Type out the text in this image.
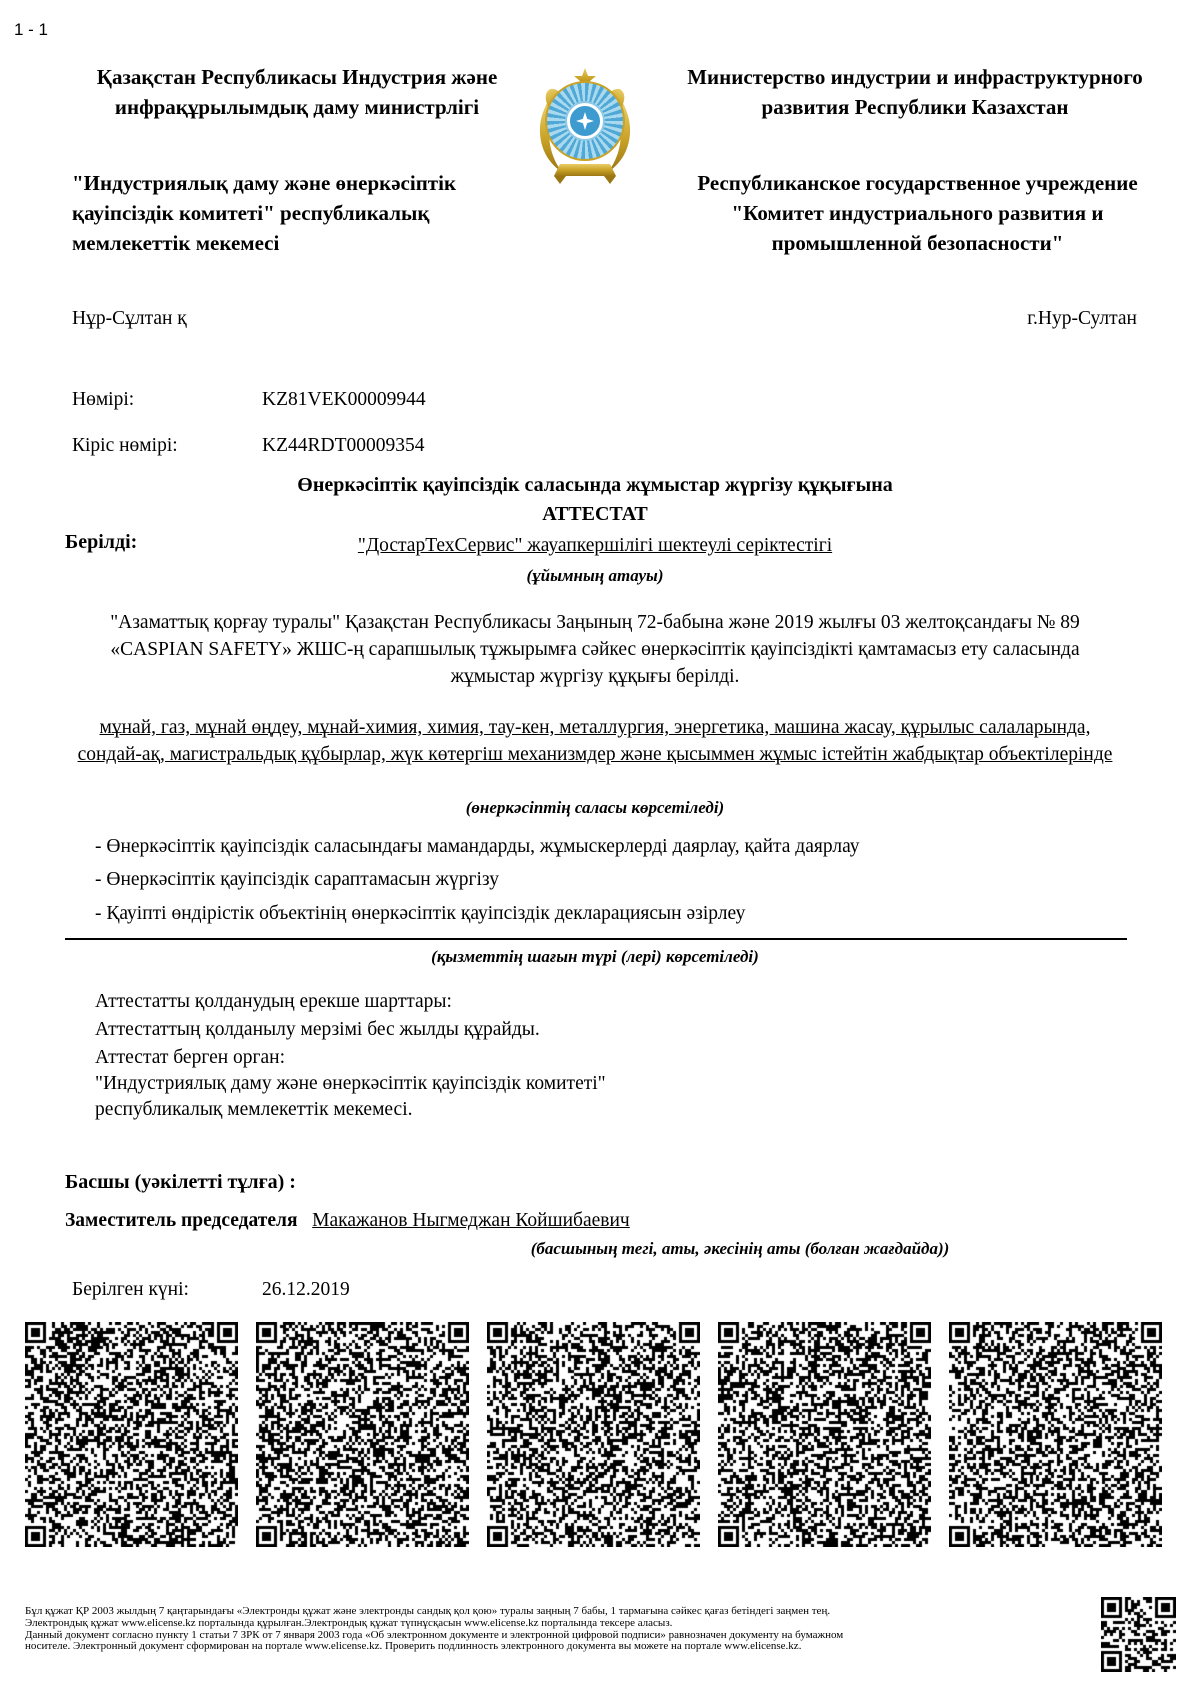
1 - 1
Қазақстан Республикасы Индустрия және инфрақұрылымдық даму министрлігі
Министерство индустрии и инфраструктурного развития Республики Казахстан
"Индустриялық даму және өнеркәсіптік қауіпсіздік комитеті" республикалық мемлекеттік мекемесі
Республиканское государственное учреждение "Комитет индустриального развития и промышленной безопасности"
Нұр-Сұлтан қ	г.Нур-Султан
Нөмірі:	KZ81VEK00009944
Кіріс нөмірі:	KZ44RDT00009354
Өнеркәсіптік қауіпсіздік саласында жұмыстар жүргізу құқығына
АТТЕСТАТ
Берілді:	"ДостарТехСервис" жауапкершілігі шектеулі серіктестігі
(ұйымның атауы)
"Азаматтық қорғау туралы" Қазақстан Республикасы Заңының 72-бабына және 2019 жылғы 03 желтоқсандағы № 89 «CASPIAN SAFETY» ЖШС-ң сарапшылық тұжырымға сәйкес өнеркәсіптік қауіпсіздікті қамтамасыз ету саласында жұмыстар жүргізу құқығы берілді.
мұнай, газ, мұнай өңдеу, мұнай-химия, химия, тау-кен, металлургия, энергетика, машина жасау, құрылыс салаларында, сондай-ақ, магистральдық құбырлар, жүк көтергіш механизмдер және қысыммен жұмыс істейтін жабдықтар объектілерінде
(өнеркәсіптің саласы көрсетіледі)
- Өнеркәсіптік қауіпсіздік саласындағы мамандарды, жұмыскерлерді даярлау, қайта даярлау
- Өнеркәсіптік қауіпсіздік сараптамасын жүргізу
- Қауіпті өндірістік объектінің өнеркәсіптік қауіпсіздік декларациясын әзірлеу
(қызметтің шағын түрі (лері) көрсетіледі)
Аттестатты қолданудың ерекше шарттары:
Аттестаттың қолданылу мерзімі бес жылды құрайды.
Аттестат берген орган:
"Индустриялық даму және өнеркәсіптік қауіпсіздік комитеті"
республикалық мемлекеттік мекемесі.
Басшы (уәкілетті тұлға) :
Заместитель председателя Макажанов Ныгмеджан Койшибаевич
(басшының тегі, аты, әкесінің аты (болған жағдайда))
Берілген күні:	26.12.2019
Бұл құжат ҚР 2003 жылдың 7 қаңтарындағы «Электронды құжат және электронды сандық қол қою» туралы заңның 7 бабы, 1 тармағына сәйкес қағаз бетіндегі заңмен тең.
Электрондық құжат www.elicense.kz порталында құрылған.Электрондық құжат түпнұсқасын www.elicense.kz порталында тексере аласыз.
Данный документ согласно пункту 1 статьи 7 ЗРК от 7 января 2003 года «Об электронном документе и электронной цифровой подписи» равнозначен документу на бумажном
носителе. Электронный документ сформирован на портале www.elicense.kz. Проверить подлинность электронного документа вы можете на портале www.elicense.kz.
